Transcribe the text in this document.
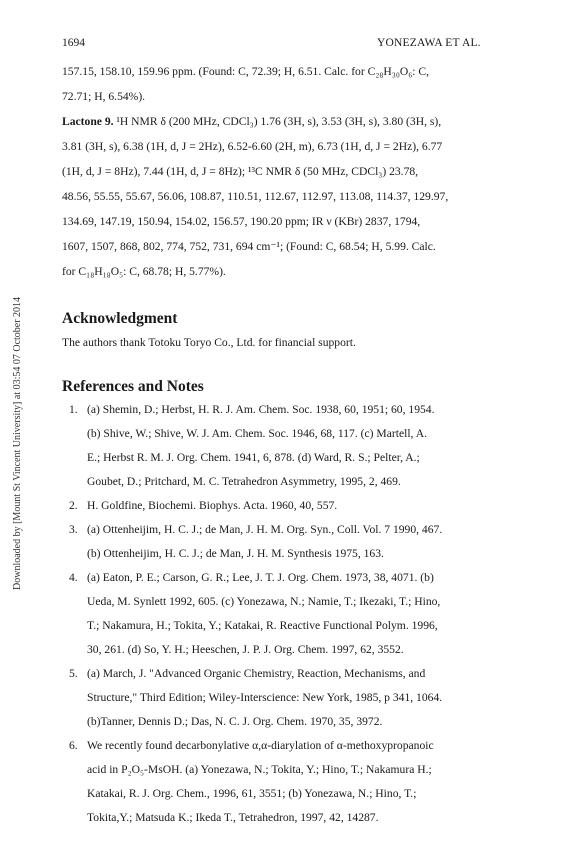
1694	YONEZAWA ET AL.
Downloaded by [Mount St Vincent University] at 03:54 07 October 2014
157.15, 158.10, 159.96 ppm. (Found: C, 72.39; H, 6.51. Calc. for C₂₈H₃₀O₆: C,
72.71; H, 6.54%).
Lactone 9. ¹H NMR δ (200 MHz, CDCl₃) 1.76 (3H, s), 3.53 (3H, s), 3.80 (3H, s),
3.81 (3H, s), 6.38 (1H, d, J = 2Hz), 6.52-6.60 (2H, m), 6.73 (1H, d, J = 2Hz), 6.77
(1H, d, J = 8Hz), 7.44 (1H, d, J = 8Hz); ¹³C NMR δ (50 MHz, CDCl₃) 23.78,
48.56, 55.55, 55.67, 56.06, 108.87, 110.51, 112.67, 112.97, 113.08, 114.37, 129.97,
134.69, 147.19, 150.94, 154.02, 156.57, 190.20 ppm; IR ν (KBr) 2837, 1794,
1607, 1507, 868, 802, 774, 752, 731, 694 cm⁻¹; (Found: C, 68.54; H, 5.99. Calc.
for C₁₈H₁₈O₅: C, 68.78; H, 5.77%).
Acknowledgment
The authors thank Totoku Toryo Co., Ltd. for financial support.
References and Notes
1. (a) Shemin, D.; Herbst, H. R. J. Am. Chem. Soc. 1938, 60, 1951; 60, 1954.
(b) Shive, W.; Shive, W. J. Am. Chem. Soc. 1946, 68, 117. (c) Martell, A.
E.; Herbst R. M. J. Org. Chem. 1941, 6, 878. (d) Ward, R. S.; Pelter, A.;
Goubet, D.; Pritchard, M. C. Tetrahedron Asymmetry, 1995, 2, 469.
2. H. Goldfine, Biochemi. Biophys. Acta. 1960, 40, 557.
3. (a) Ottenheijim, H. C. J.; de Man, J. H. M. Org. Syn., Coll. Vol. 7 1990, 467.
(b) Ottenheijim, H. C. J.; de Man, J. H. M. Synthesis 1975, 163.
4. (a) Eaton, P. E.; Carson, G. R.; Lee, J. T. J. Org. Chem. 1973, 38, 4071. (b)
Ueda, M. Synlett 1992, 605. (c) Yonezawa, N.; Namie, T.; Ikezaki, T.; Hino,
T.; Nakamura, H.; Tokita, Y.; Katakai, R. Reactive Functional Polym. 1996,
30, 261. (d) So, Y. H.; Heeschen, J. P. J. Org. Chem. 1997, 62, 3552.
5. (a) March, J. "Advanced Organic Chemistry, Reaction, Mechanisms, and
Structure," Third Edition; Wiley-Interscience: New York, 1985, p 341, 1064.
(b)Tanner, Dennis D.; Das, N. C. J. Org. Chem. 1970, 35, 3972.
6. We recently found decarbonylative α,α-diarylation of α-methoxypropanoic
acid in P₂O₅-MsOH. (a) Yonezawa, N.; Tokita, Y.; Hino, T.; Nakamura H.;
Katakai, R. J. Org. Chem., 1996, 61, 3551; (b) Yonezawa, N.; Hino, T.;
Tokita,Y.; Matsuda K.; Ikeda T., Tetrahedron, 1997, 42, 14287.
